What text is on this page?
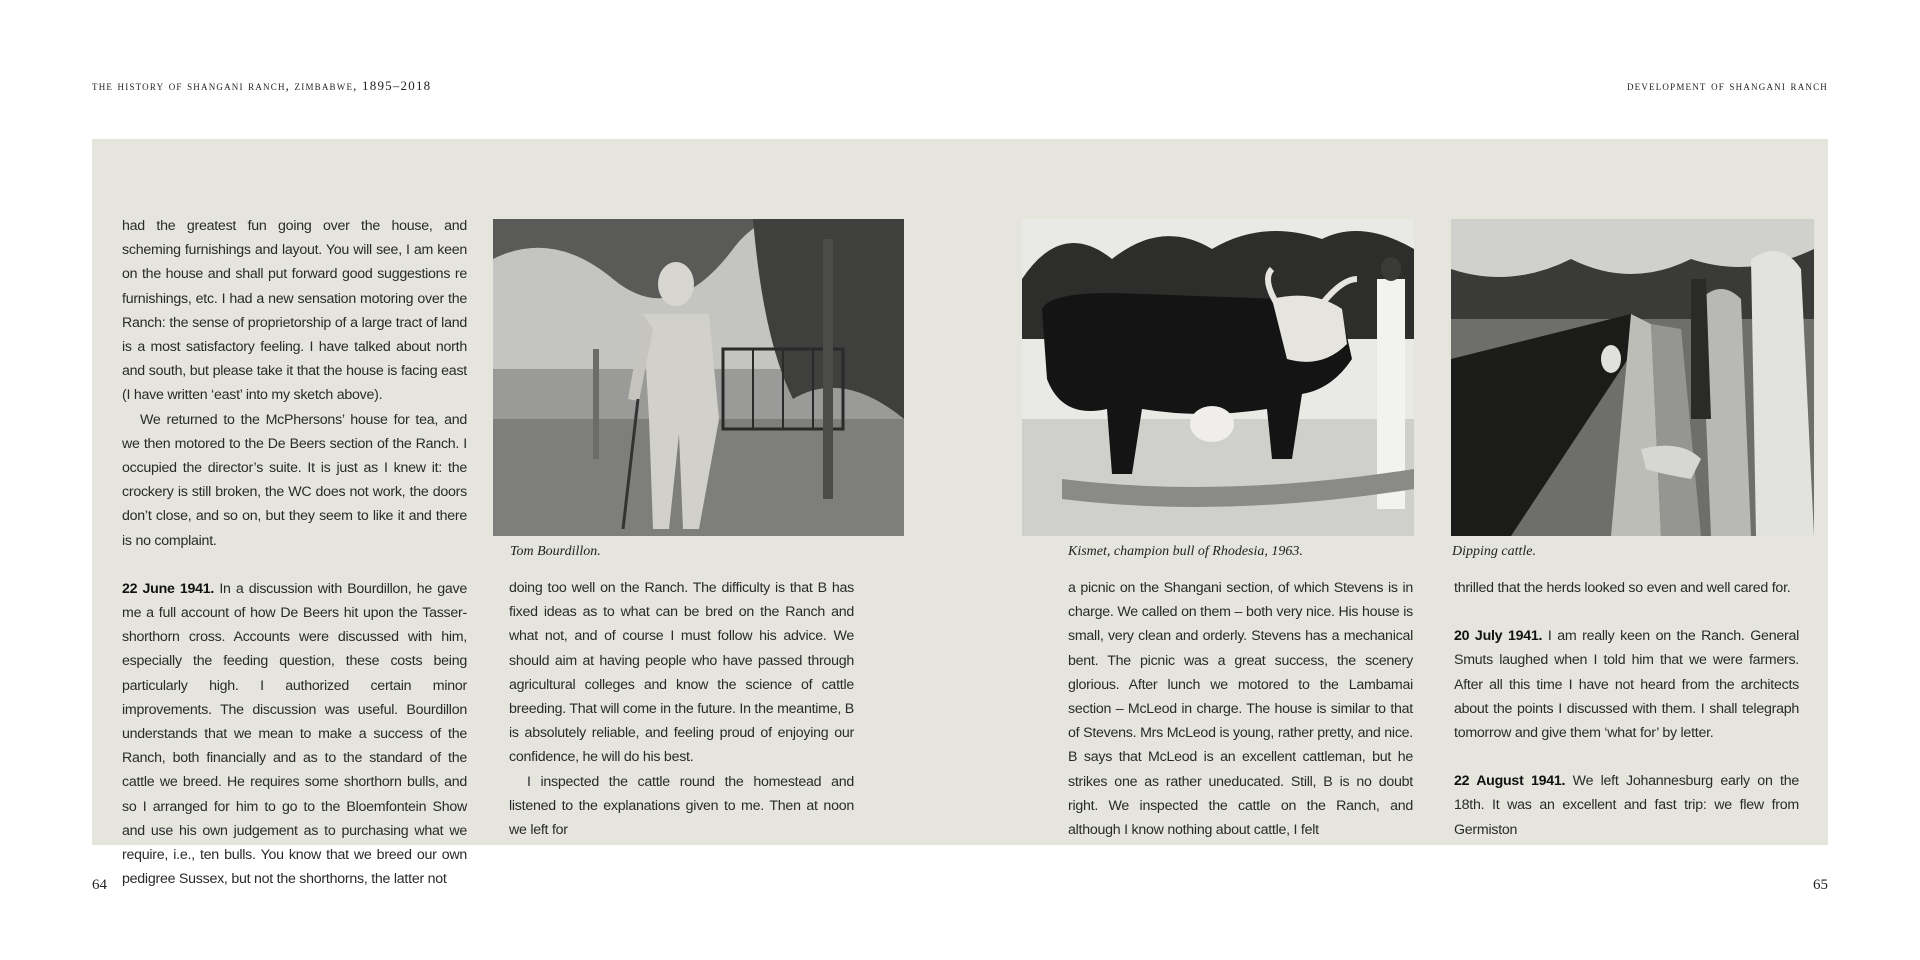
the history of shangani ranch, zimbabwe, 1895–2018	development of shangani ranch

had the greatest fun going over the house, and scheming furnishings and layout. You will see, I am keen on the house and shall put forward good suggestions re furnishings, etc. I had a new sensation motoring over the Ranch: the sense of proprietorship of a large tract of land is a most satisfactory feeling. I have talked about north and south, but please take it that the house is facing east (I have written ‘east’ into my sketch above).

We returned to the McPhersons’ house for tea, and we then motored to the De Beers section of the Ranch. I occupied the director’s suite. It is just as I knew it: the crockery is still broken, the WC does not work, the doors don’t close, and so on, but they seem to like it and there is no complaint.

22 June 1941. In a discussion with Bourdillon, he gave me a full account of how De Beers hit upon the Tasser-shorthorn cross. Accounts were discussed with him, especially the feeding question, these costs being particularly high. I authorized certain minor improvements. The discussion was useful. Bourdillon understands that we mean to make a success of the Ranch, both financially and as to the standard of the cattle we breed. He requires some shorthorn bulls, and so I arranged for him to go to the Bloemfontein Show and use his own judgement as to purchasing what we require, i.e., ten bulls. You know that we breed our own pedigree Sussex, but not the shorthorns, the latter not

Tom Bourdillon.

doing too well on the Ranch. The difficulty is that B has fixed ideas as to what can be bred on the Ranch and what not, and of course I must follow his advice. We should aim at having people who have passed through agricultural colleges and know the science of cattle breeding. That will come in the future. In the meantime, B is absolutely reliable, and feeling proud of enjoying our confidence, he will do his best.

I inspected the cattle round the homestead and listened to the explanations given to me. Then at noon we left for

Kismet, champion bull of Rhodesia, 1963.

a picnic on the Shangani section, of which Stevens is in charge. We called on them – both very nice. His house is small, very clean and orderly. Stevens has a mechanical bent. The picnic was a great success, the scenery glorious. After lunch we motored to the Lambamai section – McLeod in charge. The house is similar to that of Stevens. Mrs McLeod is young, rather pretty, and nice. B says that McLeod is an excellent cattleman, but he strikes one as rather uneducated. Still, B is no doubt right. We inspected the cattle on the Ranch, and although I know nothing about cattle, I felt

Dipping cattle.

thrilled that the herds looked so even and well cared for.

20 July 1941. I am really keen on the Ranch. General Smuts laughed when I told him that we were farmers. After all this time I have not heard from the architects about the points I discussed with them. I shall telegraph tomorrow and give them ‘what for’ by letter.

22 August 1941. We left Johannesburg early on the 18th. It was an excellent and fast trip: we flew from Germiston

64	65
